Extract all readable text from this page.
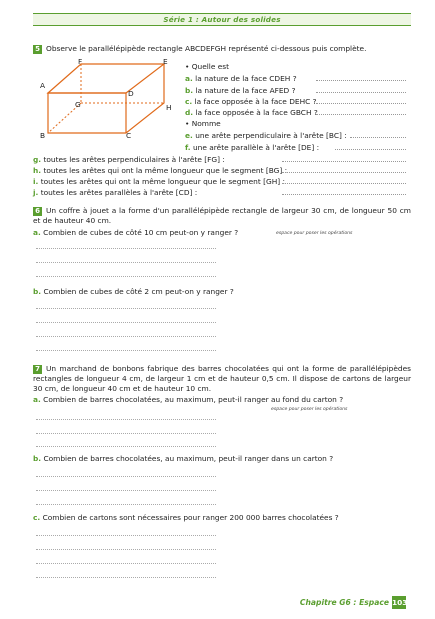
Série 1 : Autour des solides
5 Observe le parallélépipède rectangle ABCDEFGH représenté ci-dessous puis complète.
F	E
A
D
G	H
B	C
• Quelle est
a. la nature de la face CDEH ?
b. la nature de la face AFED ?
c. la face opposée à la face DEHC ?
d. la face opposée à la face GBCH ?
• Nomme
e. une arête perpendiculaire à l'arête [BC] :
f. une arête parallèle à l'arête [DE] :
g. toutes les arêtes perpendiculaires à l'arête [FG] :
h. toutes les arêtes qui ont la même longueur que le segment [BG] :
i. toutes les arêtes qui ont la même longueur que le segment [GH] :
j. toutes les arêtes parallèles à l'arête [CD] :
6 Un coffre à jouet a la forme d'un parallélépipède rectangle de largeur 30 cm, de longueur 50 cm et de hauteur 40 cm.
a. Combien de cubes de côté 10 cm peut-on y ranger ?	espace pour poser les opérations
b. Combien de cubes de côté 2 cm peut-on y ranger ?
7 Un marchand de bonbons fabrique des barres chocolatées qui ont la forme de parallélépipèdes rectangles de longueur 4 cm, de largeur 1 cm et de hauteur 0,5 cm. Il dispose de cartons de largeur 30 cm, de longueur 40 cm et de hauteur 10 cm.
a. Combien de barres chocolatées, au maximum, peut-il ranger au fond du carton ?
espace pour poser les opérations
b. Combien de barres chocolatées, au maximum, peut-il ranger dans un carton ?
c. Combien de cartons sont nécessaires pour ranger 200 000 barres chocolatées ?
Chapitre G6 : Espace 103
